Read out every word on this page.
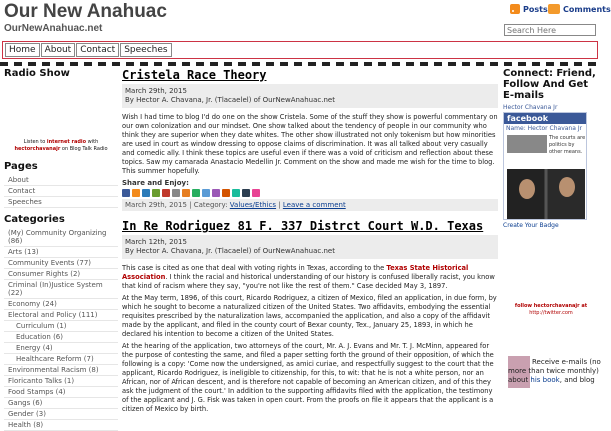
Our New Anahuac
OurNewAnahuac.net
Posts Comments
Search Here
Home	About	Contact	Speeches
Radio Show
Listen to internet radio with hectorchavanajr on Blog Talk Radio
Pages
About
Contact
Speeches
Categories
(My) Community Organizing (86)
Arts (13)
Community Events (77)
Consumer Rights (2)
Criminal (In)Justice System (22)
Economy (24)
Electoral and Policy (111)
Curriculum (1)
Education (6)
Energy (4)
Healthcare Reform (7)
Environmental Racism (8)
Floricanto Talks (1)
Food Stamps (4)
Gangs (6)
Gender (3)
Health (8)
Cristela Race Theory
March 29th, 2015
By Hector A. Chavana, Jr. (Tlacaelel) of OurNewAnahuac.net

Wish I had time to blog I'd do one on the show Cristela. Some of the stuff they show is powerful commentary on our own colonization and our mindset. One show talked about the tendency of people in our community who think they are superior when they date whites. The other show illustrated not only tokenism but how minorities are used in court as window dressing to oppose claims of discrimination. It was all talked about very casually and comedic ally. I think these topics are useful even if there was a void of criticism and reflection about these topics. Saw my camarada Anastacio Medellin Jr. Comment on the show and made me wish for the time to blog. This summer hopefully.

Share and Enjoy:
March 29th, 2015 | Category: Values/Ethics | Leave a comment
In Re Rodriguez 81 F. 337 Distrct Court W.D. Texas
March 12th, 2015
By Hector A. Chavana, Jr. (Tlacaelel) of OurNewAnahuac.net

This case is cited as one that deal with voting rights in Texas, according to the Texas State Historical Association. I think the racial and historical understanding of our history is confused liberally racist, you know that kind of racism where they say, "you're not like the rest of them." Case decided May 3, 1897.

At the May term, 1896, of this court, Ricardo Rodriguez, a citizen of Mexico, filed an application, in due form, by which he sought to become a naturalized citizen of the United States. Two affidavits, embodying the essential requisites prescribed by the naturalization laws, accompanied the application, and also a copy of the affidavit made by the applicant, and filed in the county court of Bexar county, Tex., January 25, 1893, in which he declared his intention to become a citizen of the United States.

At the hearing of the application, two attorneys of the court, Mr. A. J. Evans and Mr. T. J. McMinn, appeared for the purpose of contesting the same, and filed a paper setting forth the ground of their opposition, of which the following is a copy: 'Come now the undersigned, as amici curiae, and respectfully suggest to the court that the applicant, Ricardo Rodriguez, is ineligible to citizenship, for this, to wit: that he is not a white person, nor an African, nor of African descent, and is therefore not capable of becoming an American citizen, and of this they ask the judgment of the court.' In addition to the supporting affidavits filed with the application, the testimony of the applicant and J. G. Fisk was taken in open court. From the proofs on file it appears that the applicant is a citizen of Mexico by birth.

Connect: Friend, Follow And Get E-mails
Hector Chavana Jr
facebook
Name: Hector Chavana Jr
The courts are politics by other means.
Create Your Badge
follow hectorchavanajr at
http://twitter.com
Receive e-mails (no more than twice monthly) about his book, and blog
